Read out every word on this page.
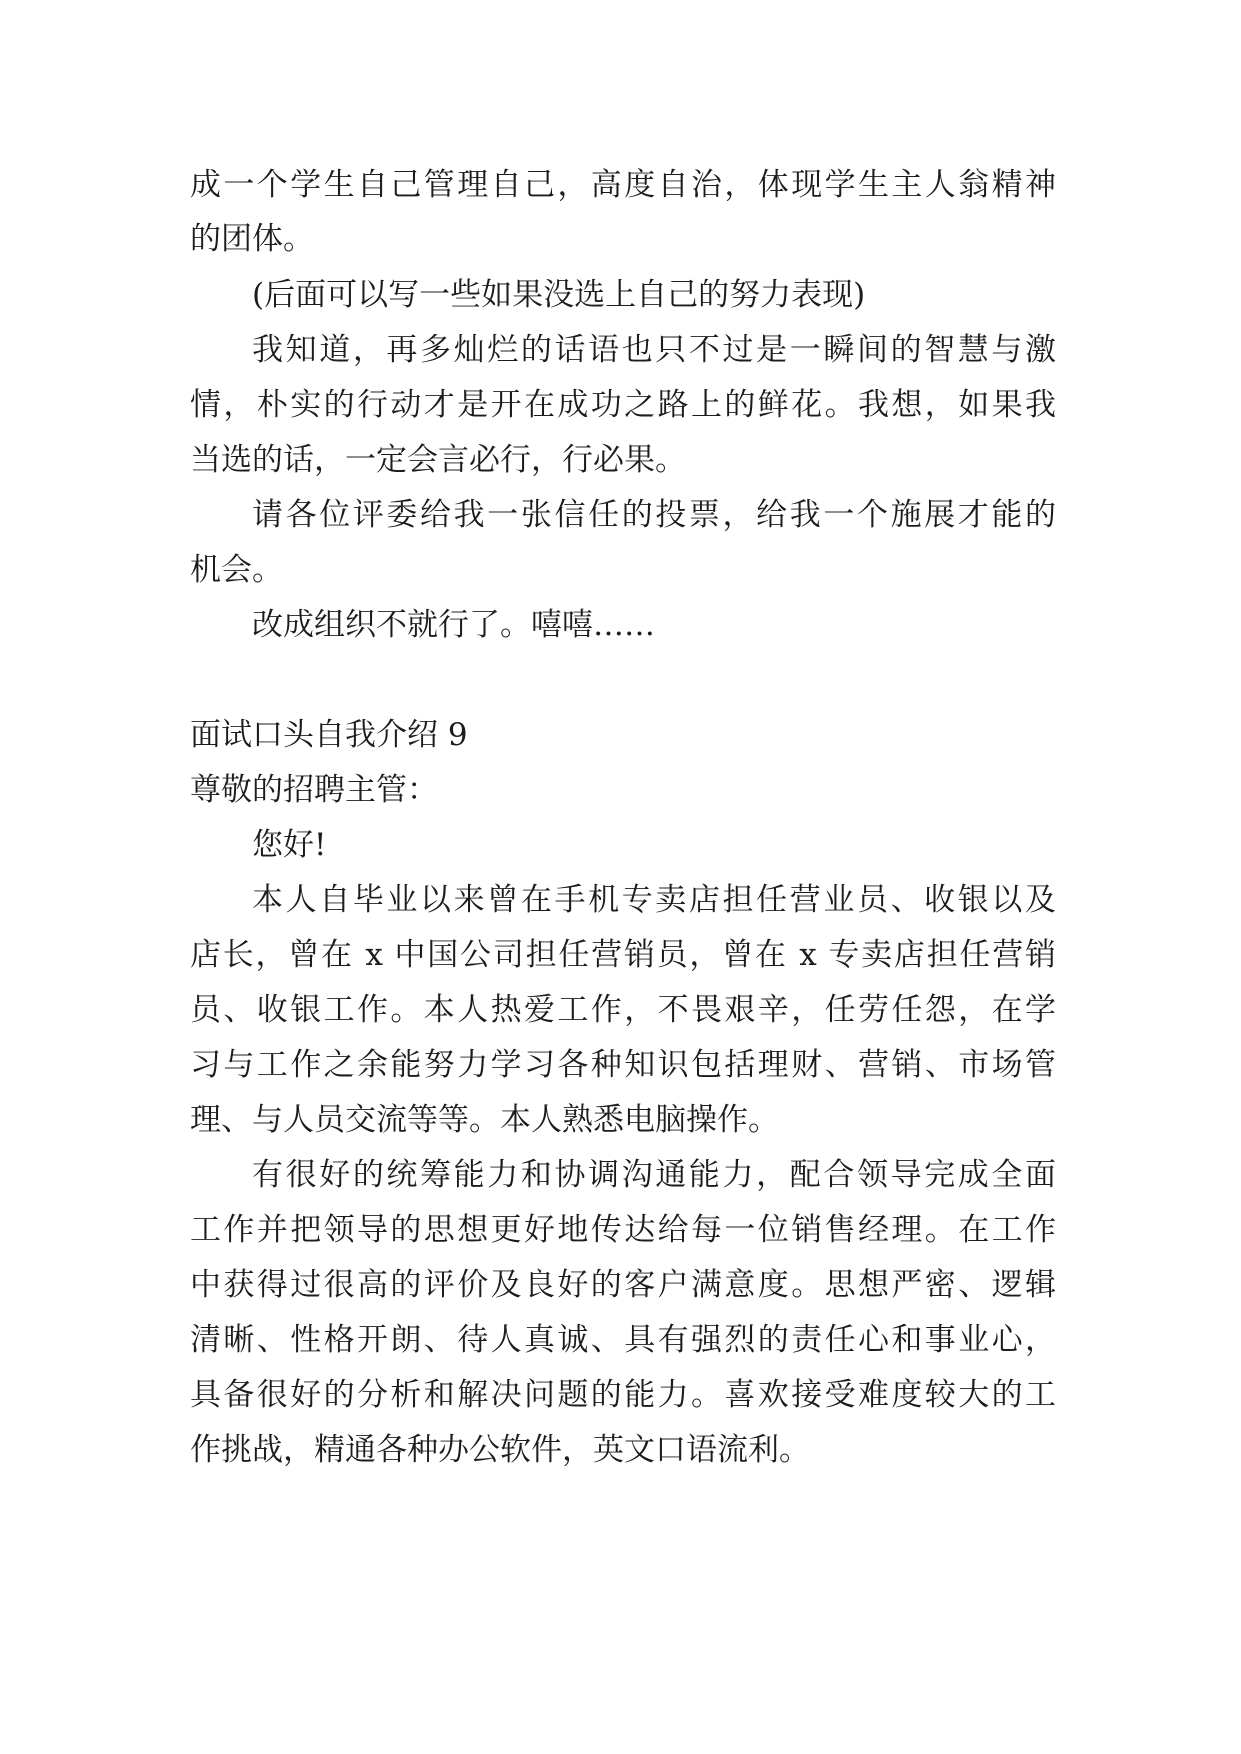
成一个学生自己管理自己，高度自治，体现学生主人翁精神
的团体。
(后面可以写一些如果没选上自己的努力表现)
我知道，再多灿烂的话语也只不过是一瞬间的智慧与激
情，朴实的行动才是开在成功之路上的鲜花。我想，如果我
当选的话，一定会言必行，行必果。
请各位评委给我一张信任的投票，给我一个施展才能的
机会。
改成组织不就行了。嘻嘻……
面试口头自我介绍 9
尊敬的招聘主管：
您好!
本人自毕业以来曾在手机专卖店担任营业员、收银以及
店长，曾在 x 中国公司担任营销员，曾在 x 专卖店担任营销
员、收银工作。本人热爱工作，不畏艰辛，任劳任怨，在学
习与工作之余能努力学习各种知识包括理财、营销、市场管
理、与人员交流等等。本人熟悉电脑操作。
有很好的统筹能力和协调沟通能力，配合领导完成全面
工作并把领导的思想更好地传达给每一位销售经理。在工作
中获得过很高的评价及良好的客户满意度。思想严密、逻辑
清晰、性格开朗、待人真诚、具有强烈的责任心和事业心，
具备很好的分析和解决问题的能力。喜欢接受难度较大的工
作挑战，精通各种办公软件，英文口语流利。
